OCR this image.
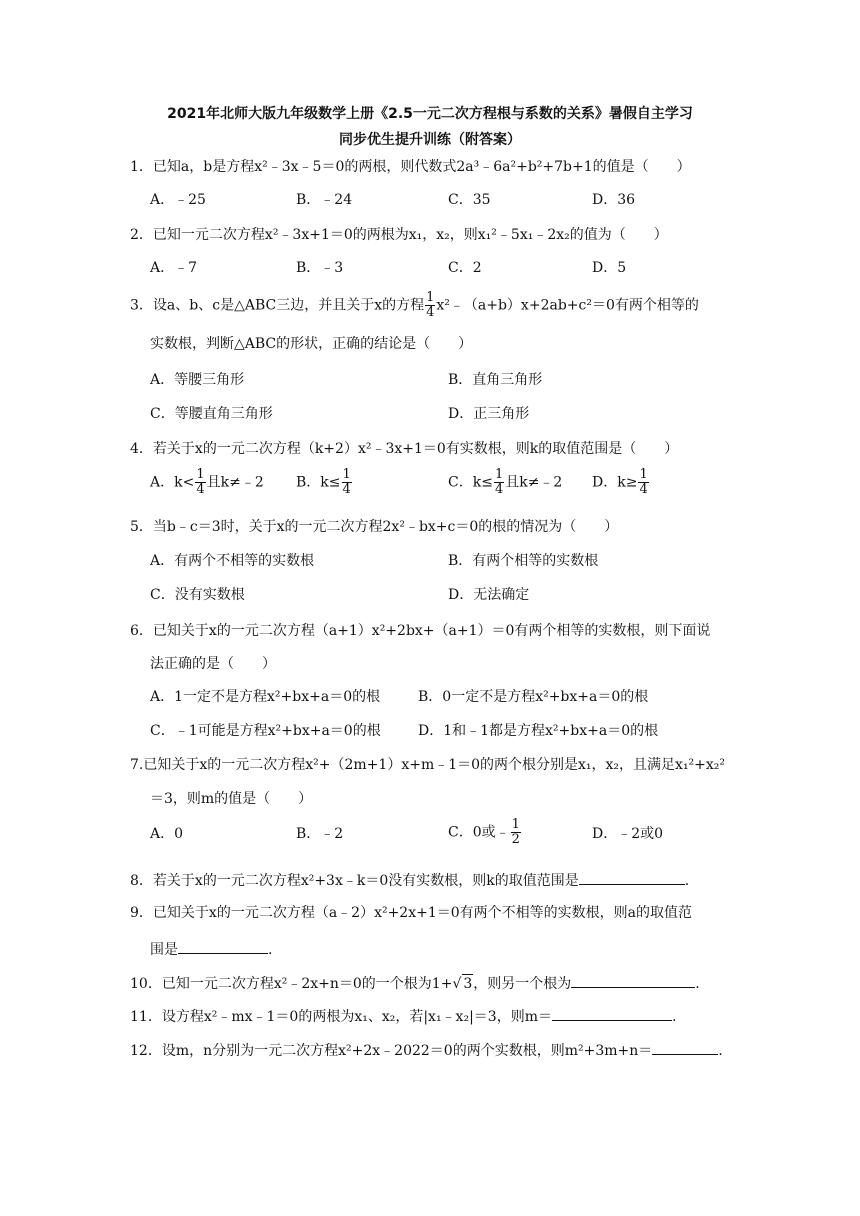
2021年北师大版九年级数学上册《2.5一元二次方程根与系数的关系》暑假自主学习
同步优生提升训练（附答案）
1．已知a，b是方程x²﹣3x﹣5＝0的两根，则代数式2a³﹣6a²+b²+7b+1的值是（　　）
A．﹣25	B．﹣24	C．35	D．36
2．已知一元二次方程x²﹣3x+1＝0的两根为x₁，x₂，则x₁²﹣5x₁﹣2x₂的值为（　　）
A．﹣7	B．﹣3	C．2	D．5
3．设a、b、c是△ABC三边，并且关于x的方程 $\frac{1}{4}$ x²﹣（a+b）x+2ab+c²＝0有两个相等的
实数根，判断△ABC的形状，正确的结论是（　　）
A．等腰三角形	B．直角三角形
C．等腰直角三角形	D．正三角形
4．若关于x的一元二次方程（k+2）x²﹣3x+1＝0有实数根，则k的取值范围是（　　）
A．$k< \frac{1}{4}$ 且k≠﹣2 B．$k\le \frac{1}{4}$	C．$k\le \frac{1}{4}$ 且k≠﹣2 D．$k\ge \frac{1}{4}$
5．当b﹣c＝3时，关于x的一元二次方程2x²﹣bx+c＝0的根的情况为（　　）
A．有两个不相等的实数根	B．有两个相等的实数根
C．没有实数根	D．无法确定
6．已知关于x的一元二次方程（a+1）x²+2bx+（a+1）＝0有两个相等的实数根，则下面说
法正确的是（　　）
A．1一定不是方程x²+bx+a＝0的根	B．0一定不是方程x²+bx+a＝0的根
C．﹣1可能是方程x²+bx+a＝0的根	D．1和﹣1都是方程x²+bx+a＝0的根
7.已知关于x的一元二次方程x²+（2m+1）x+m﹣1＝0的两个根分别是x₁，x₂，且满足x₁²+x₂²
＝3，则m的值是（　　）
A．0	B．﹣2	C．0或﹣ $\frac{1}{2}$	D．﹣2或0
8．若关于x的一元二次方程x²+3x﹣k＝0没有实数根，则k的取值范围是	.
9．已知关于x的一元二次方程（a﹣2）x²+2x+1＝0有两个不相等的实数根，则a的取值范
围是	.
10．已知一元二次方程x²﹣2x+n＝0的一个根为1+√ 3，则另一个根为	.
11．设方程x²﹣mx﹣1＝0的两根为x₁、x₂，若|x₁﹣x₂|＝3，则m＝	.
12．设m，n分别为一元二次方程x²+2x﹣2022＝0的两个实数根，则m²+3m+n＝	.
